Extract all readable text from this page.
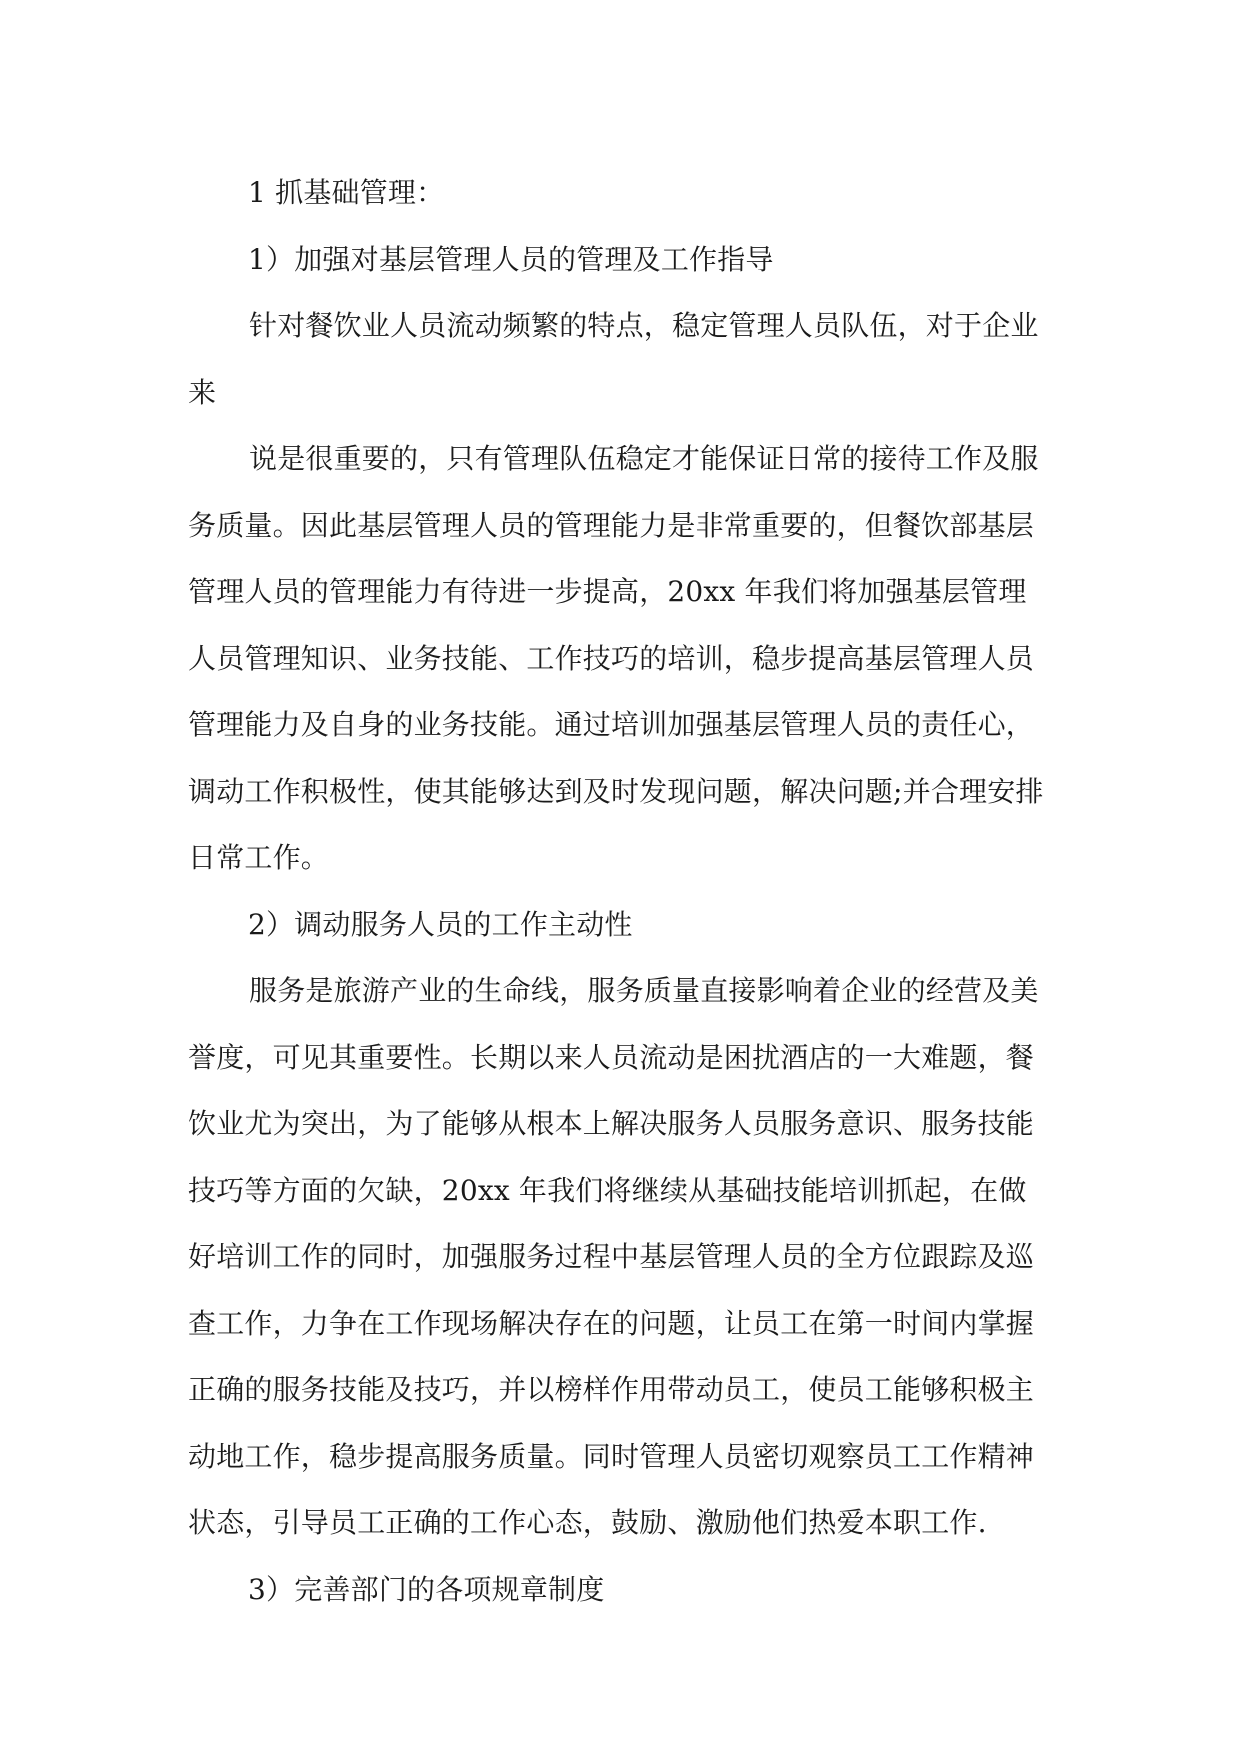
1 抓基础管理：
1）加强对基层管理人员的管理及工作指导
针对餐饮业人员流动频繁的特点，稳定管理人员队伍，对于企业
来
说是很重要的，只有管理队伍稳定才能保证日常的接待工作及服
务质量。因此基层管理人员的管理能力是非常重要的，但餐饮部基层
管理人员的管理能力有待进一步提高，20xx 年我们将加强基层管理
人员管理知识、业务技能、工作技巧的培训，稳步提高基层管理人员
管理能力及自身的业务技能。通过培训加强基层管理人员的责任心，
调动工作积极性，使其能够达到及时发现问题，解决问题;并合理安排
日常工作。
2）调动服务人员的工作主动性
服务是旅游产业的生命线，服务质量直接影响着企业的经营及美
誉度，可见其重要性。长期以来人员流动是困扰酒店的一大难题，餐
饮业尤为突出，为了能够从根本上解决服务人员服务意识、服务技能
技巧等方面的欠缺，20xx 年我们将继续从基础技能培训抓起，在做
好培训工作的同时，加强服务过程中基层管理人员的全方位跟踪及巡
查工作，力争在工作现场解决存在的问题，让员工在第一时间内掌握
正确的服务技能及技巧，并以榜样作用带动员工，使员工能够积极主
动地工作，稳步提高服务质量。同时管理人员密切观察员工工作精神
状态，引导员工正确的工作心态，鼓励、激励他们热爱本职工作.
3）完善部门的各项规章制度
